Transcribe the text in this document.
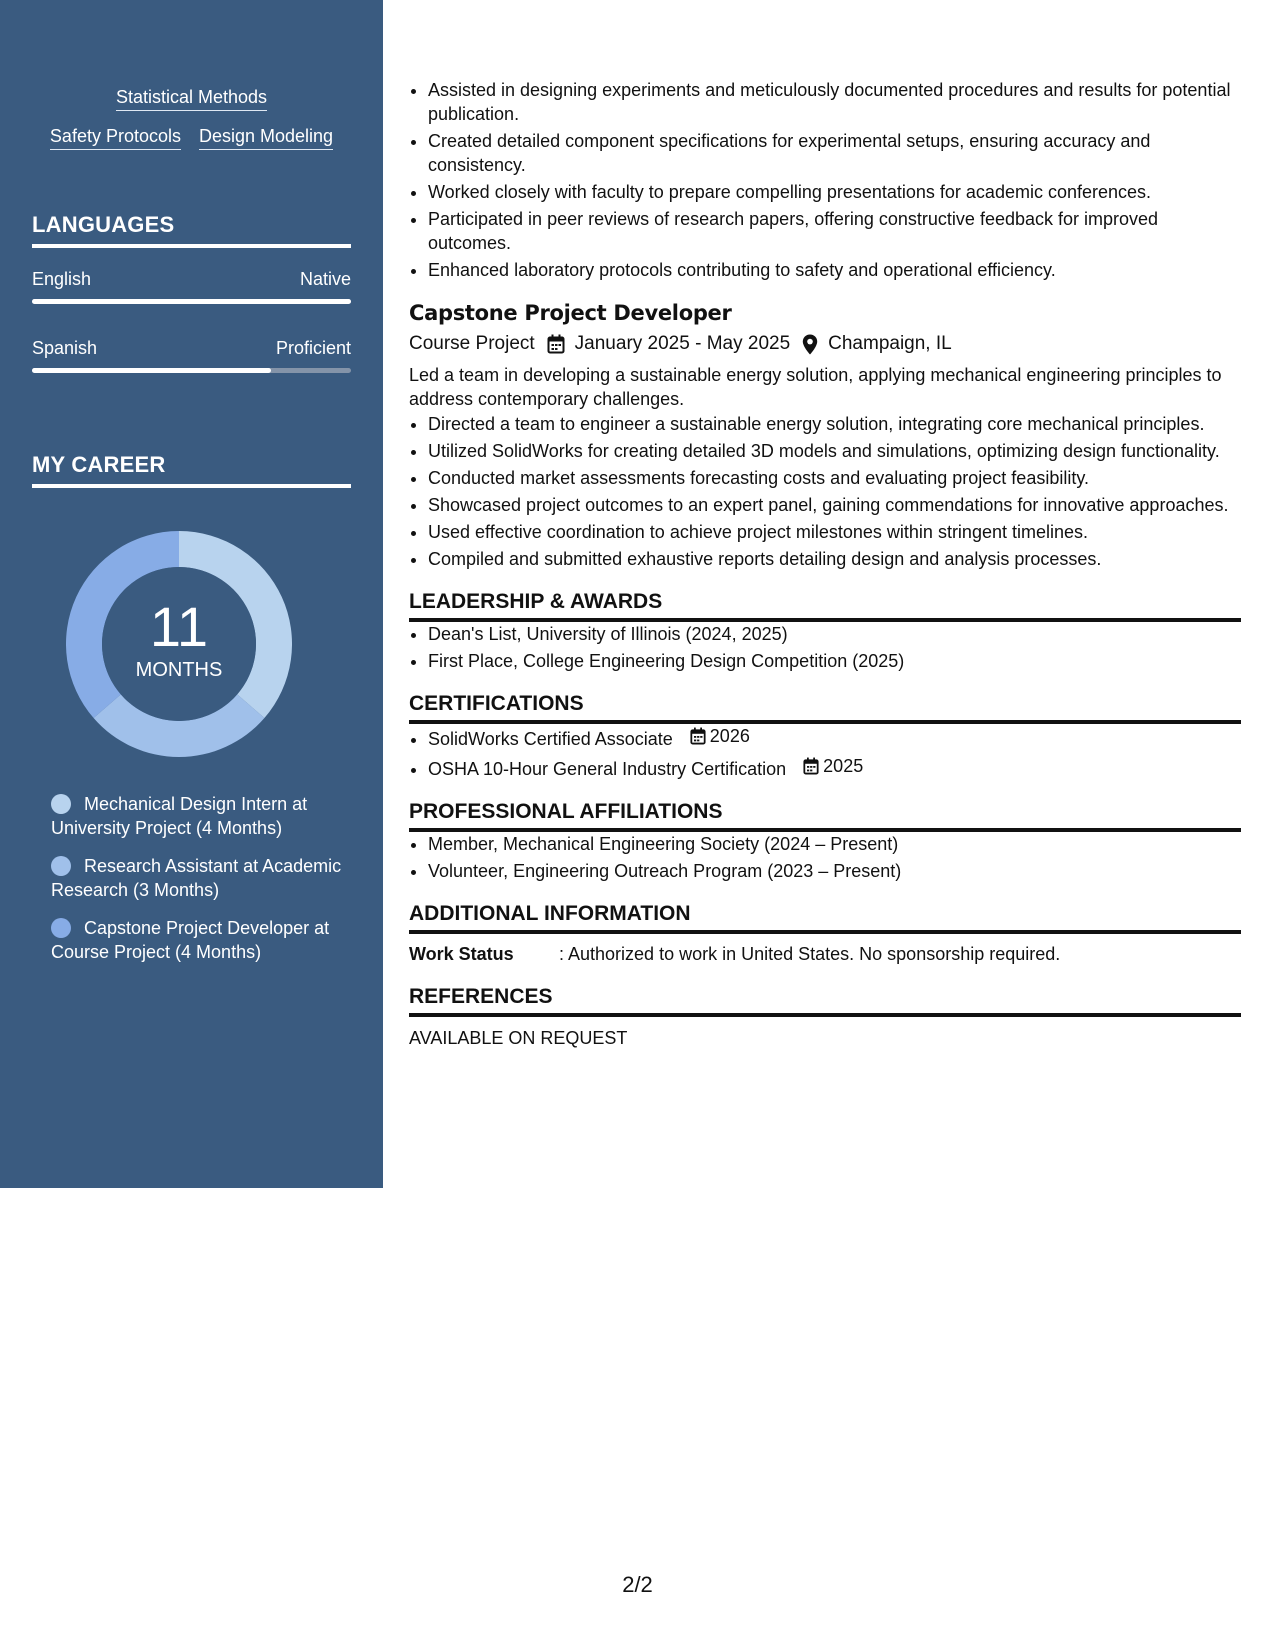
Statistical Methods
Safety Protocols Design Modeling
LANGUAGES
English	Native
Spanish	Proficient
MY CAREER
11
MONTHS
Mechanical Design Intern at University Project (4 Months)
Research Assistant at Academic Research (3 Months)
Capstone Project Developer at Course Project (4 Months)
• Assisted in designing experiments and meticulously documented procedures and results for potential publication.
• Created detailed component specifications for experimental setups, ensuring accuracy and consistency.
• Worked closely with faculty to prepare compelling presentations for academic conferences.
• Participated in peer reviews of research papers, offering constructive feedback for improved outcomes.
• Enhanced laboratory protocols contributing to safety and operational efficiency.
Capstone Project Developer
Course Project January 2025 - May 2025 Champaign, IL
Led a team in developing a sustainable energy solution, applying mechanical engineering principles to address contemporary challenges.
• Directed a team to engineer a sustainable energy solution, integrating core mechanical principles.
• Utilized SolidWorks for creating detailed 3D models and simulations, optimizing design functionality.
• Conducted market assessments forecasting costs and evaluating project feasibility.
• Showcased project outcomes to an expert panel, gaining commendations for innovative approaches.
• Used effective coordination to achieve project milestones within stringent timelines.
• Compiled and submitted exhaustive reports detailing design and analysis processes.
LEADERSHIP & AWARDS
• Dean's List, University of Illinois (2024, 2025)
• First Place, College Engineering Design Competition (2025)
CERTIFICATIONS
• SolidWorks Certified Associate 2026
• OSHA 10-Hour General Industry Certification 2025
PROFESSIONAL AFFILIATIONS
• Member, Mechanical Engineering Society (2024 – Present)
• Volunteer, Engineering Outreach Program (2023 – Present)
ADDITIONAL INFORMATION
Work Status	: Authorized to work in United States. No sponsorship required.
REFERENCES
AVAILABLE ON REQUEST
2/2
